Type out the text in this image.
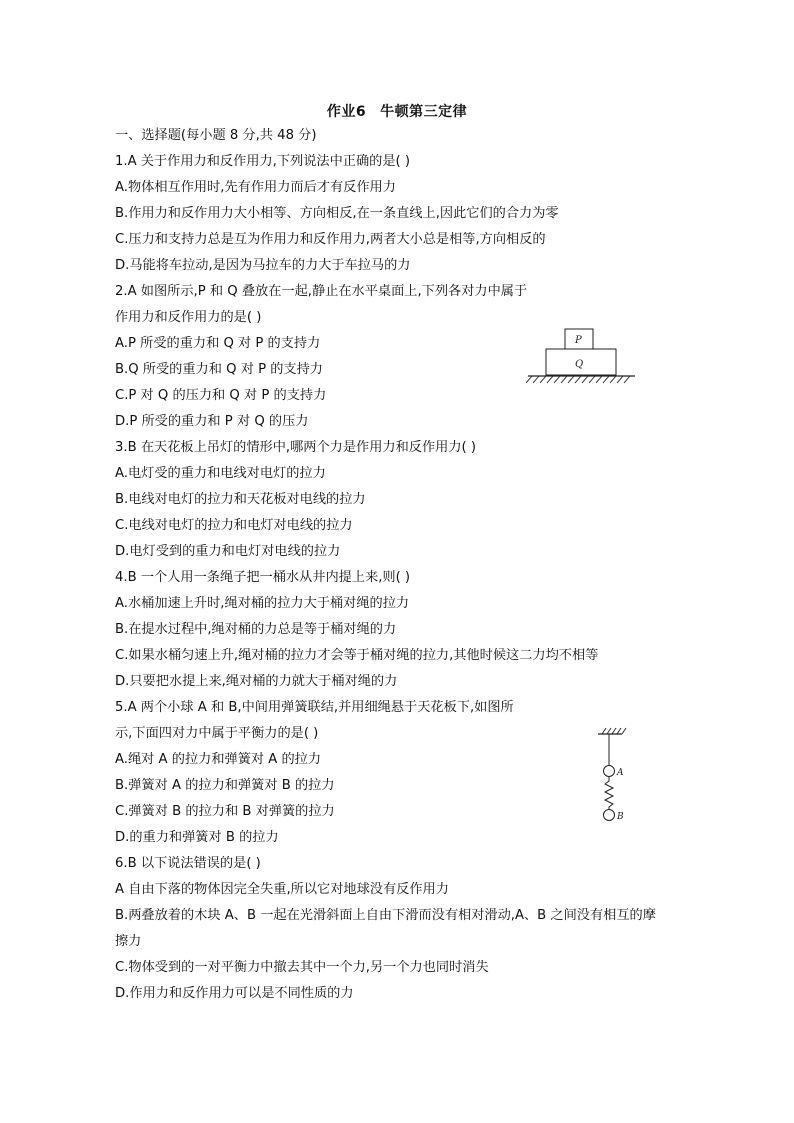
作业6 牛顿第三定律
一、选择题(每小题 8 分,共 48 分)
1.A 关于作用力和反作用力,下列说法中正确的是( )
A.物体相互作用时,先有作用力而后才有反作用力
B.作用力和反作用力大小相等、方向相反,在一条直线上,因此它们的合力为零
C.压力和支持力总是互为作用力和反作用力,两者大小总是相等,方向相反的
D.马能将车拉动,是因为马拉车的力大于车拉马的力
2.A 如图所示,P 和 Q 叠放在一起,静止在水平桌面上,下列各对力中属于
作用力和反作用力的是( )
A.P 所受的重力和 Q 对 P 的支持力
B.Q 所受的重力和 Q 对 P 的支持力
C.P 对 Q 的压力和 Q 对 P 的支持力
D.P 所受的重力和 P 对 Q 的压力
P
Q
3.B 在天花板上吊灯的情形中,哪两个力是作用力和反作用力( )
A.电灯受的重力和电线对电灯的拉力
B.电线对电灯的拉力和天花板对电线的拉力
C.电线对电灯的拉力和电灯对电线的拉力
D.电灯受到的重力和电灯对电线的拉力
4.B 一个人用一条绳子把一桶水从井内提上来,则( )
A.水桶加速上升时,绳对桶的拉力大于桶对绳的拉力
B.在提水过程中,绳对桶的力总是等于桶对绳的力
C.如果水桶匀速上升,绳对桶的拉力才会等于桶对绳的拉力,其他时候这二力均不相等
D.只要把水提上来,绳对桶的力就大于桶对绳的力
5.A 两个小球 A 和 B,中间用弹簧联结,并用细绳悬于天花板下,如图所
示,下面四对力中属于平衡力的是( )
A.绳对 A 的拉力和弹簧对 A 的拉力
B.弹簧对 A 的拉力和弹簧对 B 的拉力
C.弹簧对 B 的拉力和 B 对弹簧的拉力
D.的重力和弹簧对 B 的拉力
A
B
6.B 以下说法错误的是( )
A 自由下落的物体因完全失重,所以它对地球没有反作用力
B.两叠放着的木块 A、B 一起在光滑斜面上自由下滑而没有相对滑动,A、B 之间没有相互的摩
擦力
C.物体受到的一对平衡力中撤去其中一个力,另一个力也同时消失
D.作用力和反作用力可以是不同性质的力
